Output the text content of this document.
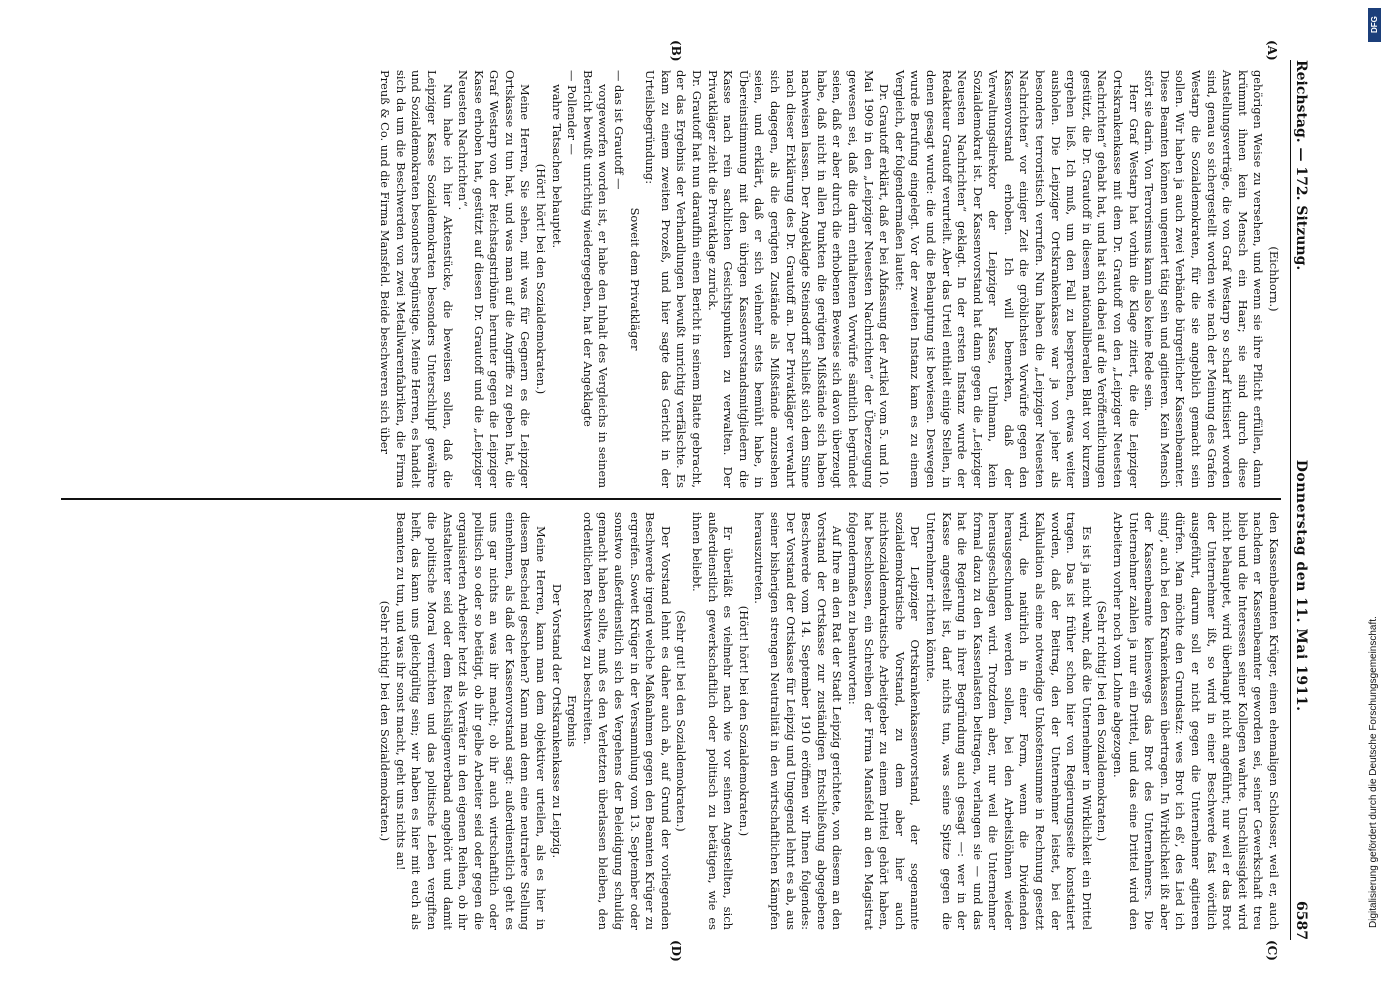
Reichstag. — 172. Sitzung.
Donnerstag den 11. Mai 1911.
6587
(A)
(B)
(C)
(D)

(Eichhorn.)

gehörigen Weise zu versehen, und wenn sie ihre Pflicht erfüllen, dann krümmt ihnen kein Mensch ein Haar; sie sind durch diese Anstellungsverträge, die von Graf Westarp so scharf kritisiert worden sind, genau so sichergestellt worden wie nach der Meinung des Grafen Westarp die Sozialdemokraten, für die sie angeblich gemacht sein sollen. Wir haben ja auch zwei Verbände bürgerlicher Kassenbeamter. Diese Beamten können ungeniert tätig sein und agitieren. Kein Mensch stört sie darin. Von Terrorismus kann also keine Rede sein.

Herr Graf Westarp hat vorhin die Klage zitiert, die die Leipziger Ortskrankenkasse mit dem Dr. Grautoff von den „Leipziger Neuesten Nachrichten“ gehabt hat, und hat sich dabei auf die Veröffentlichungen gestützt, die Dr. Grautoff in diesem nationalliberalen Blatt vor kurzem ergehen ließ. Ich muß, um den Fall zu besprechen, etwas weiter ausholen. Die Leipziger Ortskrankenkasse war ja von jeher als besonders terroristisch verrufen. Nun haben die „Leipziger Neuesten Nachrichten“ vor einiger Zeit die gröblichsten Vorwürfe gegen den Kassenvorstand erhoben. Ich will bemerken, daß der Verwaltungsdirektor der Leipziger Kasse, Uhlmann, kein Sozialdemokrat ist. Der Kassenvorstand hat dann gegen die „Leipziger Neuesten Nachrichten“ geklagt. In der ersten Instanz wurde der Redakteur Grautoff verurteilt. Aber das Urteil enthielt einige Stellen, in denen gesagt wurde: die und die Behauptung ist bewiesen. Deswegen wurde Berufung eingelegt. Vor der zweiten Instanz kam es zu einem Vergleich, der folgendermaßen lautet:

Dr. Grautoff erklärt, daß er bei Abfassung der Artikel vom 5. und 10. Mai 1909 in den „Leipziger Neuesten Nachrichten“ der Überzeugung gewesen sei, daß die darin enthaltenen Vorwürfe sämtlich begründet seien, daß er aber durch die erhobenen Beweise sich davon überzeugt habe, daß nicht in allen Punkten die gerügten Mißstände sich haben nachweisen lassen. Der Angeklagte Steinsdorff schließt sich dem Sinne nach dieser Erklärung des Dr. Grautoff an. Der Privatkläger verwahrt sich dagegen, als die gerügten Zustände als Mißstände anzusehen seien, und erklärt, daß er sich vielmehr stets bemüht habe, in Übereinstimmung mit den übrigen Kassenvorstandsmitgliedern die Kasse nach rein sachlichen Gesichtspunkten zu verwalten. Der Privatkläger zieht die Privatklage zurück.

Dr. Grautoff hat nun daraufhin einen Bericht in seinem Blatte gebracht, der das Ergebnis der Verhandlungen bewußt unrichtig verfälschte. Es kam zu einem zweiten Prozeß, und hier sagte das Gericht in der Urteilsbegründung:

Soweit dem Privatkläger

— das ist Grautoff —

vorgeworfen worden ist, er habe den Inhalt des Vergleichs in seinem Bericht bewußt unrichtig wiedergegeben, hat der Angeklagte

— Pollender —

wahre Tatsachen behauptet.

(Hört! hört! bei den Sozialdemokraten.)

Meine Herren, Sie sehen, mit was für Gegnern es die Leipziger Ortskasse zu tun hat, und was man auf die Angriffe zu geben hat, die Graf Westarp von der Reichstagstribüne herunter gegen die Leipziger Kasse erhoben hat, gestützt auf diesen Dr. Grautoff und die „Leipziger Neuesten Nachrichten“.

Nun habe ich hier Aktenstücke, die beweisen sollen, daß die Leipziger Kasse Sozialdemokraten besonders Unterschlupf gewähre und Sozialdemokraten besonders begünstige. Meine Herren, es handelt sich da um die Beschwerden von zwei Metallwarenfabriken, die Firma Preuß & Co. und die Firma Mansfeld. Beide beschweren sich über

den Kassenbeamten Krüger, einen ehemaligen Schlosser, weil er, auch nachdem er Kassenbeamter geworden sei, seiner Gewerkschaft treu blieb und die Interessen seiner Kollegen wahrte. Unschlüssigkeit wird nicht behauptet, wird überhaupt nicht angeführt; nur weil er das Brot der Unternehmer ißt, so wird in einer Beschwerde fast wörtlich ausgeführt, darum soll er nicht gegen die Unternehmer agitieren dürfen. Man möchte den Grundsatz: wes Brot ich eß', des Lied ich sing', auch bei den Krankenkassen übertragen. In Wirklichkeit ißt aber der Kassenbeamte keineswegs das Brot des Unternehmers. Die Unternehmer zahlen ja nur ein Drittel, und das eine Drittel wird den Arbeitern vorher noch vom Lohne abgezogen.

(Sehr richtig! bei den Sozialdemokraten.)

Es ist ja nicht wahr, daß die Unternehmer in Wirklichkeit ein Drittel tragen. Das ist früher schon hier von Regierungsseite konstatiert worden, daß der Beitrag, den der Unternehmer leistet, bei der Kalkulation als eine notwendige Unkostensumme in Rechnung gesetzt wird, die natürlich in einer Form, wenn die Dividenden herausgeschunden werden sollen, bei den Arbeitslöhnen wieder herausgeschlagen wird. Trotzdem aber, nur weil die Unternehmer formal dazu zu den Kassenlasten beitragen, verlangen sie — und das hat die Regierung in ihrer Begründung auch gesagt —: wer in der Kasse angestellt ist, darf nichts tun, was seine Spitze gegen die Unternehmer richten könnte.

Der Leipziger Ortskrankenkassenvorstand, der sogenannte sozialdemokratische Vorstand, zu dem aber hier auch nichtsozialdemokratische Arbeitgeber zu einem Drittel gehört haben, hat beschlossen, ein Schreiben der Firma Mansfeld an den Magistrat folgendermaßen zu beantworten:

Auf Ihre an den Rat der Stadt Leipzig gerichtete, von diesem an den Vorstand der Ortskasse zur zuständigen Entschließung abgegebene Beschwerde vom 14. September 1910 eröffnen wir Ihnen folgendes: Der Vorstand der Ortskasse für Leipzig und Umgegend lehnt es ab, aus seiner bisherigen strengen Neutralität in den wirtschaftlichen Kämpfen herauszutreten.

(Hört! hört! bei den Sozialdemokraten.)

Er überläßt es vielmehr nach wie vor seinen Angestellten, sich außerdienstlich gewerkschaftlich oder politisch zu betätigen, wie es ihnen beliebt.

(Sehr gut! bei den Sozialdemokraten.)

Der Vorstand lehnt es daher auch ab, auf Grund der vorliegenden Beschwerde irgend welche Maßnahmen gegen den Beamten Krüger zu ergreifen. Sowett Krüger in der Versammlung vom 13. September oder sonstwo außerdienstlich sich des Vergehens der Beleidigung schuldig gemacht haben sollte, muß es den Verletzten überlassen bleiben, den ordentlichen Rechtsweg zu beschreiten.

Ergebnis

Der Vorstand der Ortskrankenkasse zu Leipzig.

Meine Herren, kann man dem objektiver urteilen, als es hier in diesem Bescheid geschehen? Kann man denn eine neutralere Stellung einnehmen, als daß der Kassenvorstand sagt: außerdienstlich geht es uns gar nichts an was ihr macht; ob ihr auch wirtschaftlich oder politisch so oder so betätigt, ob ihr gelbe Arbeiter seid oder gegen die organisierten Arbeiter hetzt als Verräter in den eigenen Reihen, ob ihr Anstaltenter seid oder dem Reichslügenverband angehört und damit die politische Moral vernichten und das politische Leben vergiften helft, das kann uns gleichgültig sein; wir haben es hier mit euch als Beamten zu tun, und was ihr sonst macht, geht uns nichts an!

(Sehr richtig! bei den Sozialdemokraten.)

DFG
Digitalisierung gefördert durch die Deutsche Forschungsgemeinschaft.
